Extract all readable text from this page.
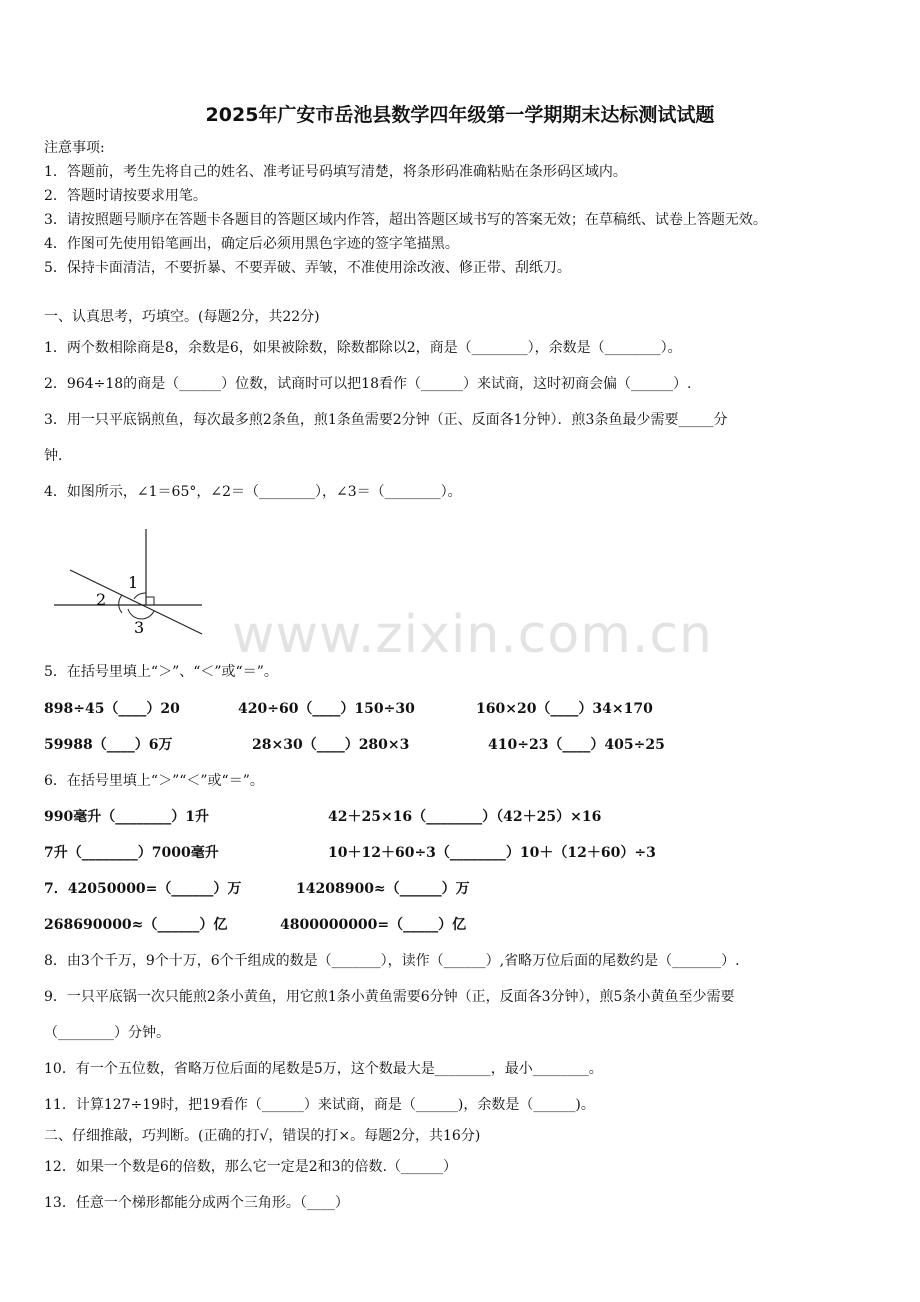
2025年广安市岳池县数学四年级第一学期期末达标测试试题
注意事项:
1．答题前，考生先将自己的姓名、准考证号码填写清楚，将条形码准确粘贴在条形码区域内。
2．答题时请按要求用笔。
3．请按照题号顺序在答题卡各题目的答题区域内作答，超出答题区域书写的答案无效；在草稿纸、试卷上答题无效。
4．作图可先使用铅笔画出，确定后必须用黑色字迹的签字笔描黑。
5．保持卡面清洁，不要折暴、不要弄破、弄皱，不准使用涂改液、修正带、刮纸刀。
一、认真思考，巧填空。(每题2分，共22分)
1．两个数相除商是8，余数是6，如果被除数，除数都除以2，商是（________），余数是（________）。
2．964÷18的商是（______）位数，试商时可以把18看作（______）来试商，这时初商会偏（______）.
3．用一只平底锅煎鱼，每次最多煎2条鱼，煎1条鱼需要2分钟（正、反面各1分钟）．煎3条鱼最少需要_____分
钟．
4．如图所示，∠1＝65°，∠2＝（________），∠3＝（________）。
1
2
3 www.zixin.com.cn
5．在括号里填上“＞”、“＜”或“＝”。
898÷45（____）20	420÷60（____）150÷30	160×20（____）34×170
59988（____）6万	28×30（____）280×3	410÷23（____）405÷25
6．在括号里填上“＞”“＜”或“＝”。
990毫升（________）1升	42＋25×16（________）（42＋25）×16
7升（________）7000毫升	10＋12＋60÷3（________）10＋（12＋60）÷3
7．42050000=（______）万	14208900≈（______）万
268690000≈（______）亿	4800000000=（_____）亿
8．由3个千万，9个十万，6个千组成的数是（_______），读作（______）,省略万位后面的尾数约是（_______）.
9．一只平底锅一次只能煎2条小黄鱼，用它煎1条小黄鱼需要6分钟（正，反面各3分钟），煎5条小黄鱼至少需要
（________）分钟。
10．有一个五位数，省略万位后面的尾数是5万，这个数最大是________，最小________。
11．计算127÷19时，把19看作（______）来试商，商是（______)，余数是（______)。
二、仔细推敲，巧判断。(正确的打√，错误的打×。每题2分，共16分)
12．如果一个数是6的倍数，那么它一定是2和3的倍数.（______）
13．任意一个梯形都能分成两个三角形。（____）
